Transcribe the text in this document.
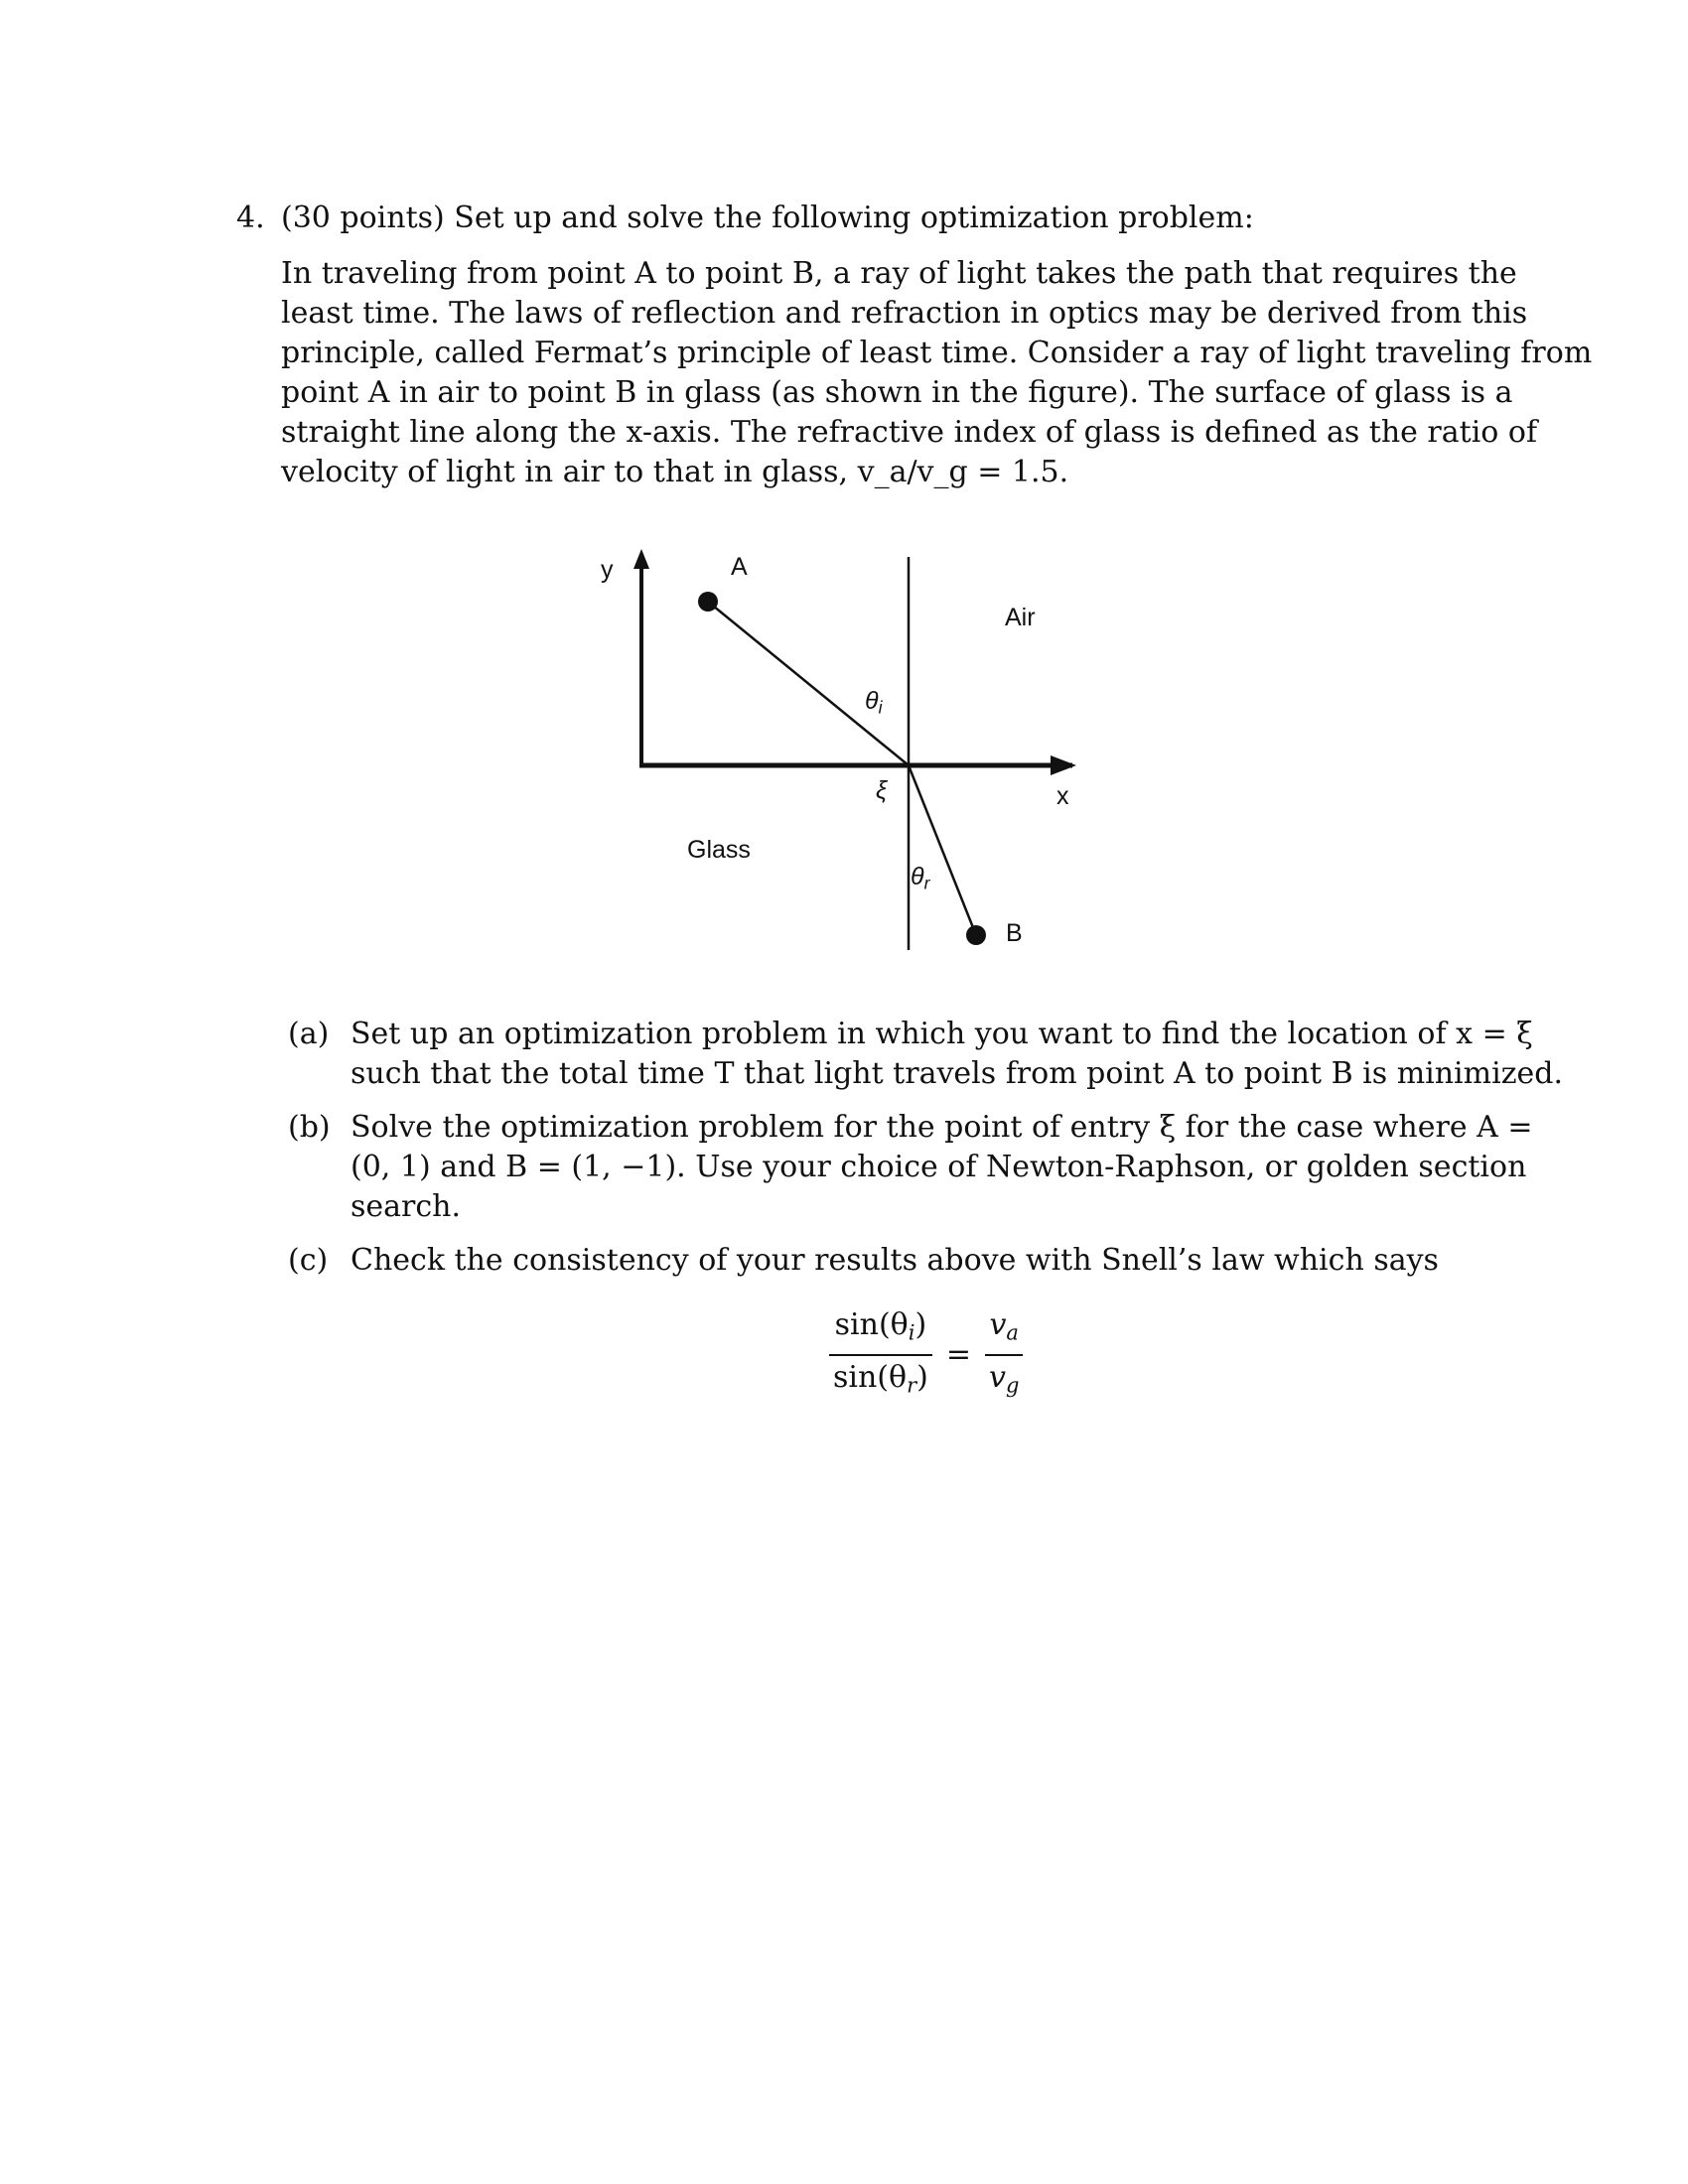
4. (30 points) Set up and solve the following optimization problem:
In traveling from point A to point B, a ray of light takes the path that requires the
least time. The laws of reflection and refraction in optics may be derived from this
principle, called Fermat’s principle of least time. Consider a ray of light traveling from
point A in air to point B in glass (as shown in the figure). The surface of glass is a
straight line along the x-axis. The refractive index of glass is defined as the ratio of
velocity of light in air to that in glass, v_a/v_g = 1.5.
y	A
Air
$\theta_i$
ξ	x
Glass
$\theta_r$
B
(a) Set up an optimization problem in which you want to find the location of x = ξ
such that the total time T that light travels from point A to point B is minimized.
(b) Solve the optimization problem for the point of entry ξ for the case where A =
(0, 1) and B = (1, −1). Use your choice of Newton-Raphson, or golden section
search.
(c) Check the consistency of your results above with Snell’s law which says
$\frac{\sin(\theta_i)}{\sin(\theta_r)} = \frac{v_a}{v_g}$
